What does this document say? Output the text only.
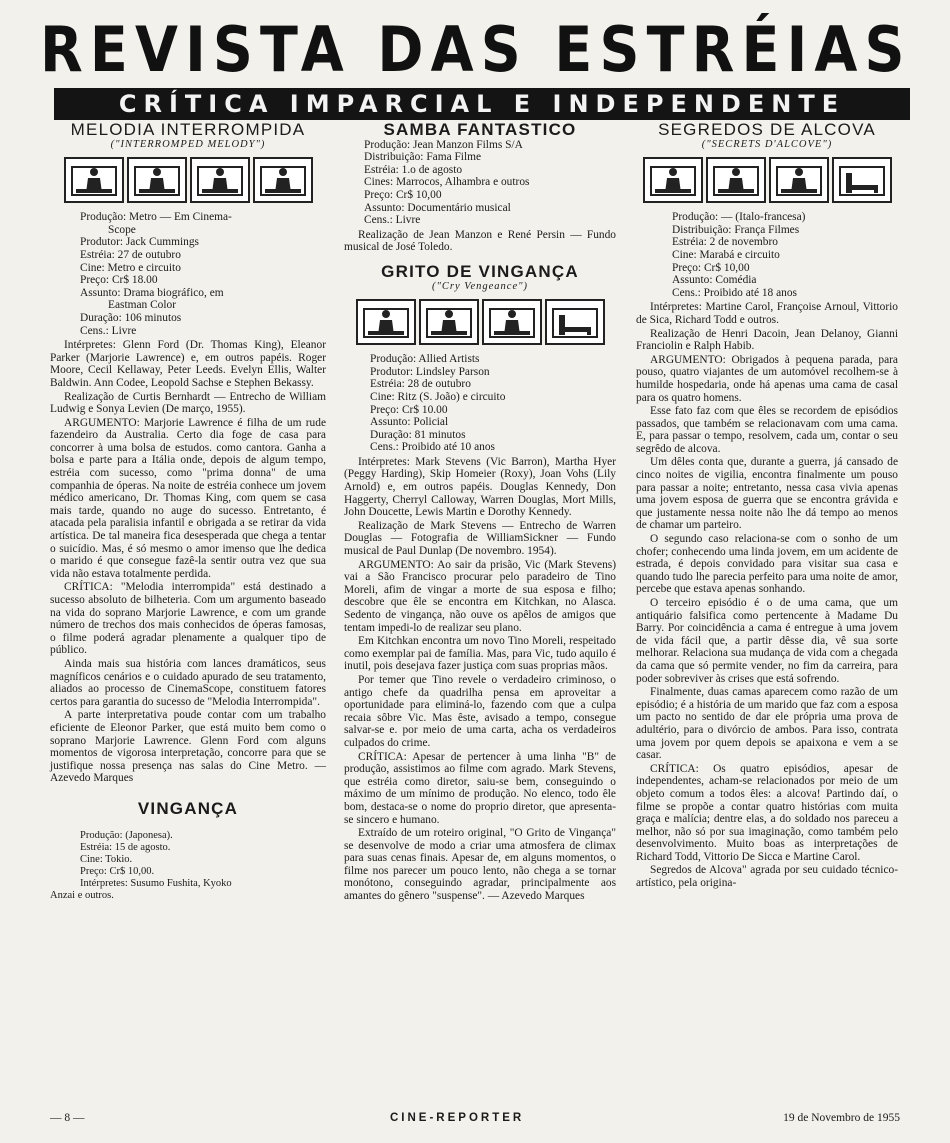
REVISTA DAS ESTRÉIAS
CRÍTICA IMPARCIAL E INDEPENDENTE
MELODIA INTERROMPIDA
("INTERROMPED MELODY")
Produção: Metro — Em Cinema-
Scope
Produtor: Jack Cummings
Estréia: 27 de outubro
Cine: Metro e circuito
Preço: Cr$ 18.00
Assunto: Drama biográfico, em
Eastman Color
Duração: 106 minutos
Cens.: Livre

Intérpretes: Glenn Ford (Dr. Thomas King), Eleanor Parker (Marjorie Lawrence) e, em outros papéis. Roger Moore, Cecil Kellaway, Peter Leeds. Evelyn Ellis, Walter Baldwin. Ann Codee, Leopold Sachse e Stephen Bekassy.

Realização de Curtis Bernhardt — Entrecho de William Ludwig e Sonya Levien (De março, 1955).

ARGUMENTO: Marjorie Lawrence é filha de um rude fazendeiro da Australia. Certo dia foge de casa para concorrer à uma bolsa de estudos. como cantora. Ganha a bolsa e parte para a Itália onde, depois de algum tempo, estréia com sucesso, como "prima donna" de uma companhia de óperas. Na noite de estréia conhece um jovem médico americano, Dr. Thomas King, com quem se casa mais tarde, quando no auge do sucesso. Entretanto, é atacada pela paralisia infantil e obrigada a se retirar da vida artística. De tal maneira fica desesperada que chega a tentar o suicídio. Mas, é só mesmo o amor imenso que lhe dedica o marido é que consegue fazê-la sentir outra vez que sua vida não estava totalmente perdida.

CRÍTICA: "Melodia interrompida" está destinado a sucesso absoluto de bilheteria. Com um argumento baseado na vida do soprano Marjorie Lawrence, e com um grande número de trechos dos mais conhecidos de óperas famosas, o filme poderá agradar plenamente a qualquer tipo de público.

Ainda mais sua história com lances dramáticos, seus magníficos cenários e o cuidado apurado de seu tratamento, aliados ao processo de CinemaScope, constituem fatores certos para garantia do sucesso de "Melodia Interrompida".

A parte interpretativa poude contar com um trabalho eficiente de Eleonor Parker, que está muito bem como o soprano Marjorie Lawrence. Glenn Ford com alguns momentos de vigorosa interpretação, concorre para que se justifique nossa presença nas salas do Cine Metro. — Azevedo Marques

VINGANÇA
Produção: (Japonesa).
Estréia: 15 de agosto.
Cine: Tokio.
Preço: Cr$ 10,00.
Intérpretes: Susumo Fushita, Kyoko
Anzai e outros.
SAMBA FANTASTICO
Produção: Jean Manzon Films S/A
Distribuição: Fama Filme
Estréia: 1.o de agosto
Cines: Marrocos, Alhambra e outros
Preço: Cr$ 10,00
Assunto: Documentário musical
Cens.: Livre

Realização de Jean Manzon e René Persin — Fundo musical de José Toledo.

GRITO DE VINGANÇA
("Cry Vengeance")
Produção: Allied Artists
Produtor: Lindsley Parson
Estréia: 28 de outubro
Cine: Ritz (S. João) e circuito
Preço: Cr$ 10.00
Assunto: Policial
Duração: 81 minutos
Cens.: Proibido até 10 anos

Intérpretes: Mark Stevens (Vic Barron), Martha Hyer (Peggy Harding), Skip Homeier (Roxy), Joan Vohs (Lily Arnold) e, em outros papéis. Douglas Kennedy, Don Haggerty, Cherryl Calloway, Warren Douglas, Mort Mills, John Doucette, Lewis Martin e Dorothy Kennedy.

Realização de Mark Stevens — Entrecho de Warren Douglas — Fotografia de WilliamSickner — Fundo musical de Paul Dunlap (De novembro. 1954).

ARGUMENTO: Ao sair da prisão, Vic (Mark Stevens) vai a São Francisco procurar pelo paradeiro de Tino Moreli, afim de vingar a morte de sua esposa e filho; descobre que êle se encontra em Kitchkan, no Alasca. Sedento de vingança, não ouve os apêlos de amigos que tentam impedi-lo de realizar seu plano.

Em Kitchkan encontra um novo Tino Moreli, respeitado como exemplar pai de família. Mas, para Vic, tudo aquilo é inutil, pois desejava fazer justiça com suas proprias mãos.

Por temer que Tino revele o verdadeiro criminoso, o antigo chefe da quadrilha pensa em aproveitar a oportunidade para eliminá-lo, fazendo com que a culpa recaia sôbre Vic. Mas êste, avisado a tempo, consegue salvar-se e. por meio de uma carta, acha os verdadeiros culpados do crime.

CRÍTICA: Apesar de pertencer à uma linha "B" de produção, assistimos ao filme com agrado. Mark Stevens, que estréia como diretor, saiu-se bem, conseguindo o máximo de um mínimo de produção. No elenco, todo êle bom, destaca-se o nome do proprio diretor, que apresenta-se sincero e humano.

Extraído de um roteiro original, "O Grito de Vingança" se desenvolve de modo a criar uma atmosfera de climax para suas cenas finais. Apesar de, em alguns momentos, o filme nos parecer um pouco lento, não chega a se tornar monótono, conseguindo agradar, principalmente aos amantes do gênero "suspense". — Azevedo Marques

SEGREDOS DE ALCOVA
("SECRETS D'ALCOVE")
Produção: — (Italo-francesa)
Distribuição: França Filmes
Estréia: 2 de novembro
Cine: Marabá e circuito
Preço: Cr$ 10,00
Assunto: Comédia
Cens.: Proibido até 18 anos

Intérpretes: Martine Carol, Françoise Arnoul, Vittorio de Sica, Richard Todd e outros.

Realização de Henri Dacoin, Jean Delanoy, Gianni Franciolin e Ralph Habib.

ARGUMENTO: Obrigados à pequena parada, para pouso, quatro viajantes de um automóvel recolhem-se à humilde hospedaria, onde há apenas uma cama de casal para os quatro homens.

Esse fato faz com que êles se recordem de episódios passados, que também se relacionavam com uma cama. E, para passar o tempo, resolvem, cada um, contar o seu segrêdo de alcova.

Um dêles conta que, durante a guerra, já cansado de cinco noites de vigilia, encontra finalmente um pouso para passar a noite; entretanto, nessa casa vivia apenas uma jovem esposa de guerra que se encontra grávida e que justamente nessa noite não lhe dá tempo ao menos de chamar um parteiro.

O segundo caso relaciona-se com o sonho de um chofer; conhecendo uma linda jovem, em um acidente de estrada, é depois convidado para visitar sua casa e quando tudo lhe parecia perfeito para uma noite de amor, percebe que estava apenas sonhando.

O terceiro episódio é o de uma cama, que um antiquário falsifica como pertencente à Madame Du Barry. Por coincidência a cama é entregue à uma jovem de vida fácil que, a partir dêsse dia, vê sua sorte melhorar. Relaciona sua mudança de vida com a chegada da cama que só permite vender, no fim da carreira, para poder sobreviver às crises que está sofrendo.

Finalmente, duas camas aparecem como razão de um episódio; é a história de um marido que faz com a esposa um pacto no sentido de dar ele própria uma prova de adultério, para o divórcio de ambos. Para isso, contrata uma jovem por quem depois se apaixona e vem a se casar.

CRÍTICA: Os quatro episódios, apesar de independentes, acham-se relacionados por meio de um objeto comum a todos êles: a alcova! Partindo daí, o filme se propõe a contar quatro histórias com muita graça e malícia; dentre elas, a do soldado nos pareceu a melhor, não só por sua imaginação, como também pelo desenvolvimento. Muito boas as interpretações de Richard Todd, Vittorio De Sicca e Martine Carol.

Segredos de Alcova" agrada por seu cuidado técnico-artístico, pela origina-

— 8 —	CINE-REPORTER	19 de Novembro de 1955
